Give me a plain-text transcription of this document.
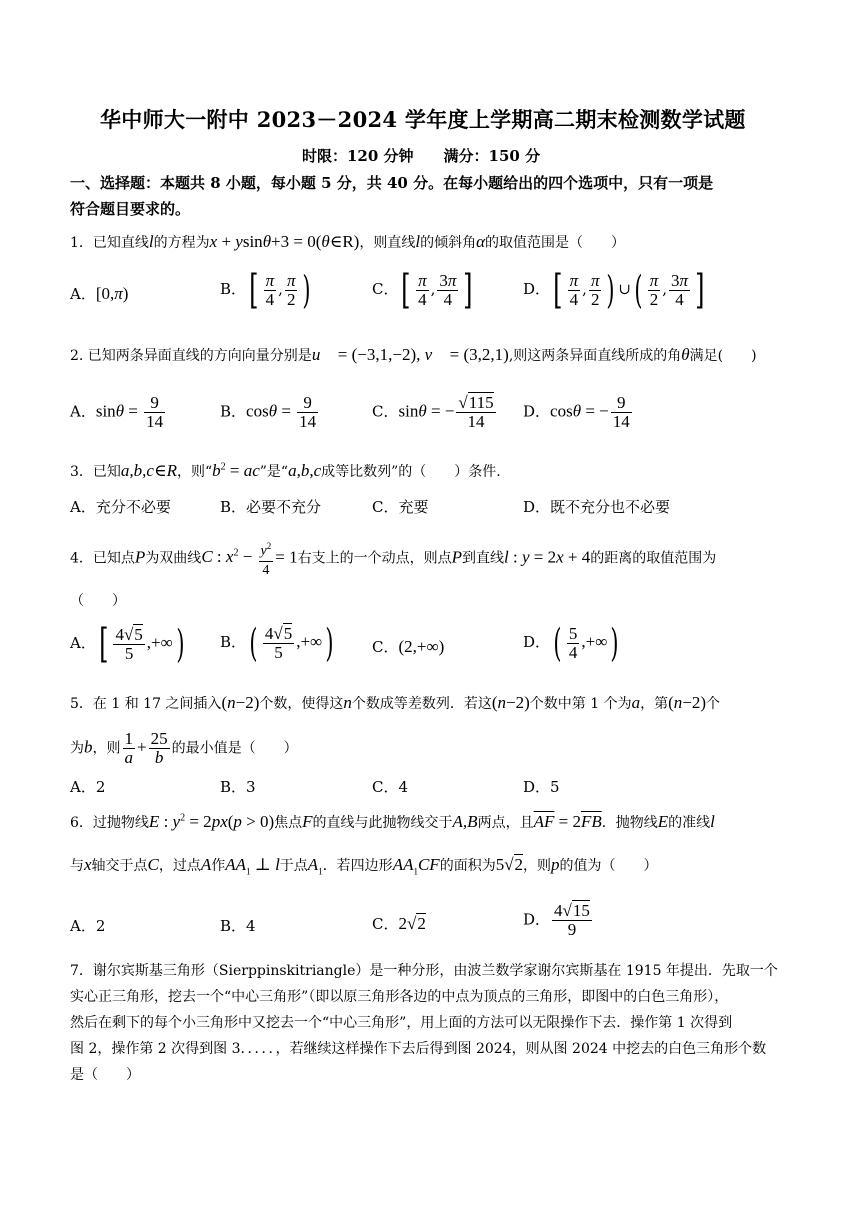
华中师大一附中 2023－2024 学年度上学期高二期末检测数学试题
时限：120 分钟　　满分：150 分
一、选择题：本题共 8 小题，每小题 5 分，共 40 分。在每小题给出的四个选项中，只有一项是
符合题目要求的。
1．已知直线l的方程为x + ysinθ+3 = 0(θ∈R)，则直线l的倾斜角α的取值范围是（　　）
A．[0,π)	B．[ $\frac{\pi}{4}$ , $\frac{\pi}{2}$ )	C．[ $\frac{\pi}{4}$ , $\frac{3\pi}{4}$ ]	D．[ $\frac{\pi}{4}$ , $\frac{\pi}{2}$ ) ∪( $\frac{\pi}{2}$ , $\frac{3\pi}{4}$ ]
2. 已知两条异面直线的方向向量分别是u⃗ = (−3,1,−2), v⃗ = (3,2,1),则这两条异面直线所成的角θ满足(　　)
A．$\sin\theta = \frac{9}{14}$	B．$\cos\theta = \frac{9}{14}$	C．sinθ = − $\frac{√115}{14}$ D．cosθ = − $\frac{9}{14}$
3．已知a,b,c∈R，则“$b^2$ = ac”是“a,b,c成等比数列”的（　　）条件.
A．充分不必要	B．必要不充分	C．充要	D．既不充分也不必要
4．已知点P为双曲线C : $x^2 - \frac{y^2}{4} = 1$右支上的一个动点，则点P到直线l : y = 2x + 4的距离的取值范围为
（　　）
A．[ $\frac{4√5}{5}$ ,+∞) B．( $\frac{4√5}{5}$ ,+∞)	C．(2,+∞)	D．( $\frac{5}{4}$ ,+∞)
5．在 1 和 17 之间插入(n−2)个数，使得这n个数成等差数列．若这(n−2)个数中第 1 个为a，第(n−2)个
为b，则 $\frac{1}{a} + \frac{25}{b}$ 的最小值是（　　）
A．2	B．3	C．4	D．5
6．过抛物线E : $y^2 = 2px(p > 0)$焦点F的直线与此抛物线交于A,B两点，且$\overline{AF} = 2\overline{FB}$．抛物线E的准线l
与x轴交于点C，过点A作$AA_1$ ⊥ l于点$A_1$．若四边形$AA_1CF$的面积为5√2，则p的值为（　　）
A．2	B．4	C．2√2	D． $\frac{4√15}{9}$
7．谢尔宾斯基三角形（Sierppinskitriangle）是一种分形，由波兰数学家谢尔宾斯基在 1915 年提出．先取一个
实心正三角形，挖去一个“中心三角形”（即以原三角形各边的中点为顶点的三角形，即图中的白色三角形），
然后在剩下的每个小三角形中又挖去一个“中心三角形”，用上面的方法可以无限操作下去．操作第 1 次得到
图 2，操作第 2 次得到图 3．．．．．，若继续这样操作下去后得到图 2024，则从图 2024 中挖去的白色三角形个数
是（　　）
